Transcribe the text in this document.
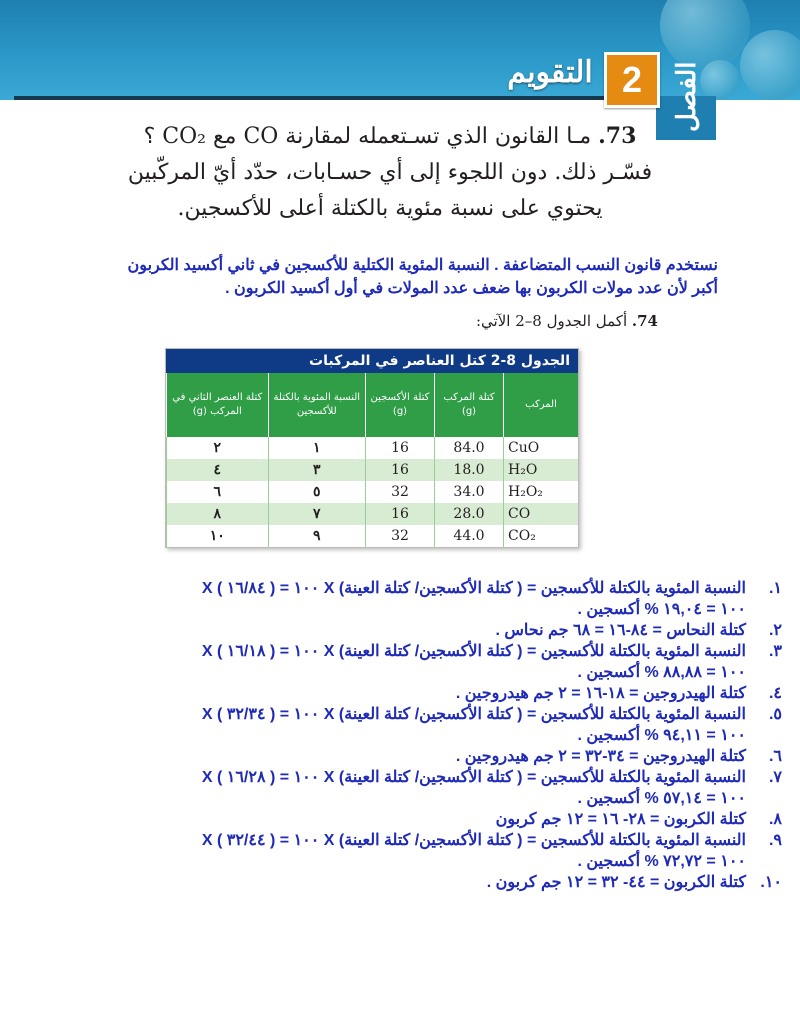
التقويم 2	الفصل
73. مـا القانون الذي تسـتعمله لمقارنة CO مع CO₂ ؟ فسّـر ذلك. دون اللجوء إلى أي حسـابات، حدّد أيّ المركّبين يحتوي على نسبة مئوية بالكتلة أعلى للأكسجين.
نستخدم قانون النسب المتضاعفة . النسبة المئوية الكتلية للأكسجين في ثاني أكسيد الكربون أكبر لأن عدد مولات الكربون بها ضعف عدد المولات في أول أكسيد الكربون .
74. أكمل الجدول 8–2 الآتي:
الجدول 8-2 كتل العناصر في المركبات
المركب	كتلة المركب (g)	كتلة الأكسجين (g)	النسبة المئوية بالكتلة للأكسجين	كتلة العنصر الثاني في المركب (g)
CuO	84.0	16	١	٢
H₂O	18.0	16	٣	٤
H₂O₂	34.0	32	٥	٦
CO	28.0	16	٧	٨
CO₂	44.0	32	٩	١٠
١.
النسبة المئوية بالكتلة للأكسجين = ( كتلة الأكسجين/ كتلة العينة) X ١٠٠ = ( ١٦/٨٤ ) X
١٠٠ = ١٩,٠٤ % أكسجين .
٢.
كتلة النحاس = ٨٤-١٦ = ٦٨ جم نحاس .
٣.
النسبة المئوية بالكتلة للأكسجين = ( كتلة الأكسجين/ كتلة العينة) X ١٠٠ = ( ١٦/١٨ ) X
١٠٠ = ٨٨,٨٨ % أكسجين .
٤.
كتلة الهيدروجين = ١٨-١٦ = ٢ جم هيدروجين .
٥.
النسبة المئوية بالكتلة للأكسجين = ( كتلة الأكسجين/ كتلة العينة) X ١٠٠ = ( ٣٢/٣٤ ) X
١٠٠ = ٩٤,١١ % أكسجين .
٦.
كتلة الهيدروجين = ٣٤-٣٢ = ٢ جم هيدروجين .
٧.
النسبة المئوية بالكتلة للأكسجين = ( كتلة الأكسجين/ كتلة العينة) X ١٠٠ = ( ١٦/٢٨ ) X
١٠٠ = ٥٧,١٤ % أكسجين .
٨.
كتلة الكربون = ٢٨- ١٦ = ١٢ جم كربون
٩.
النسبة المئوية بالكتلة للأكسجين = ( كتلة الأكسجين/ كتلة العينة) X ١٠٠ = ( ٣٢/٤٤ ) X
١٠٠ = ٧٢,٧٢ % أكسجين .
١٠.
كتلة الكربون = ٤٤- ٣٢ = ١٢ جم كربون .
